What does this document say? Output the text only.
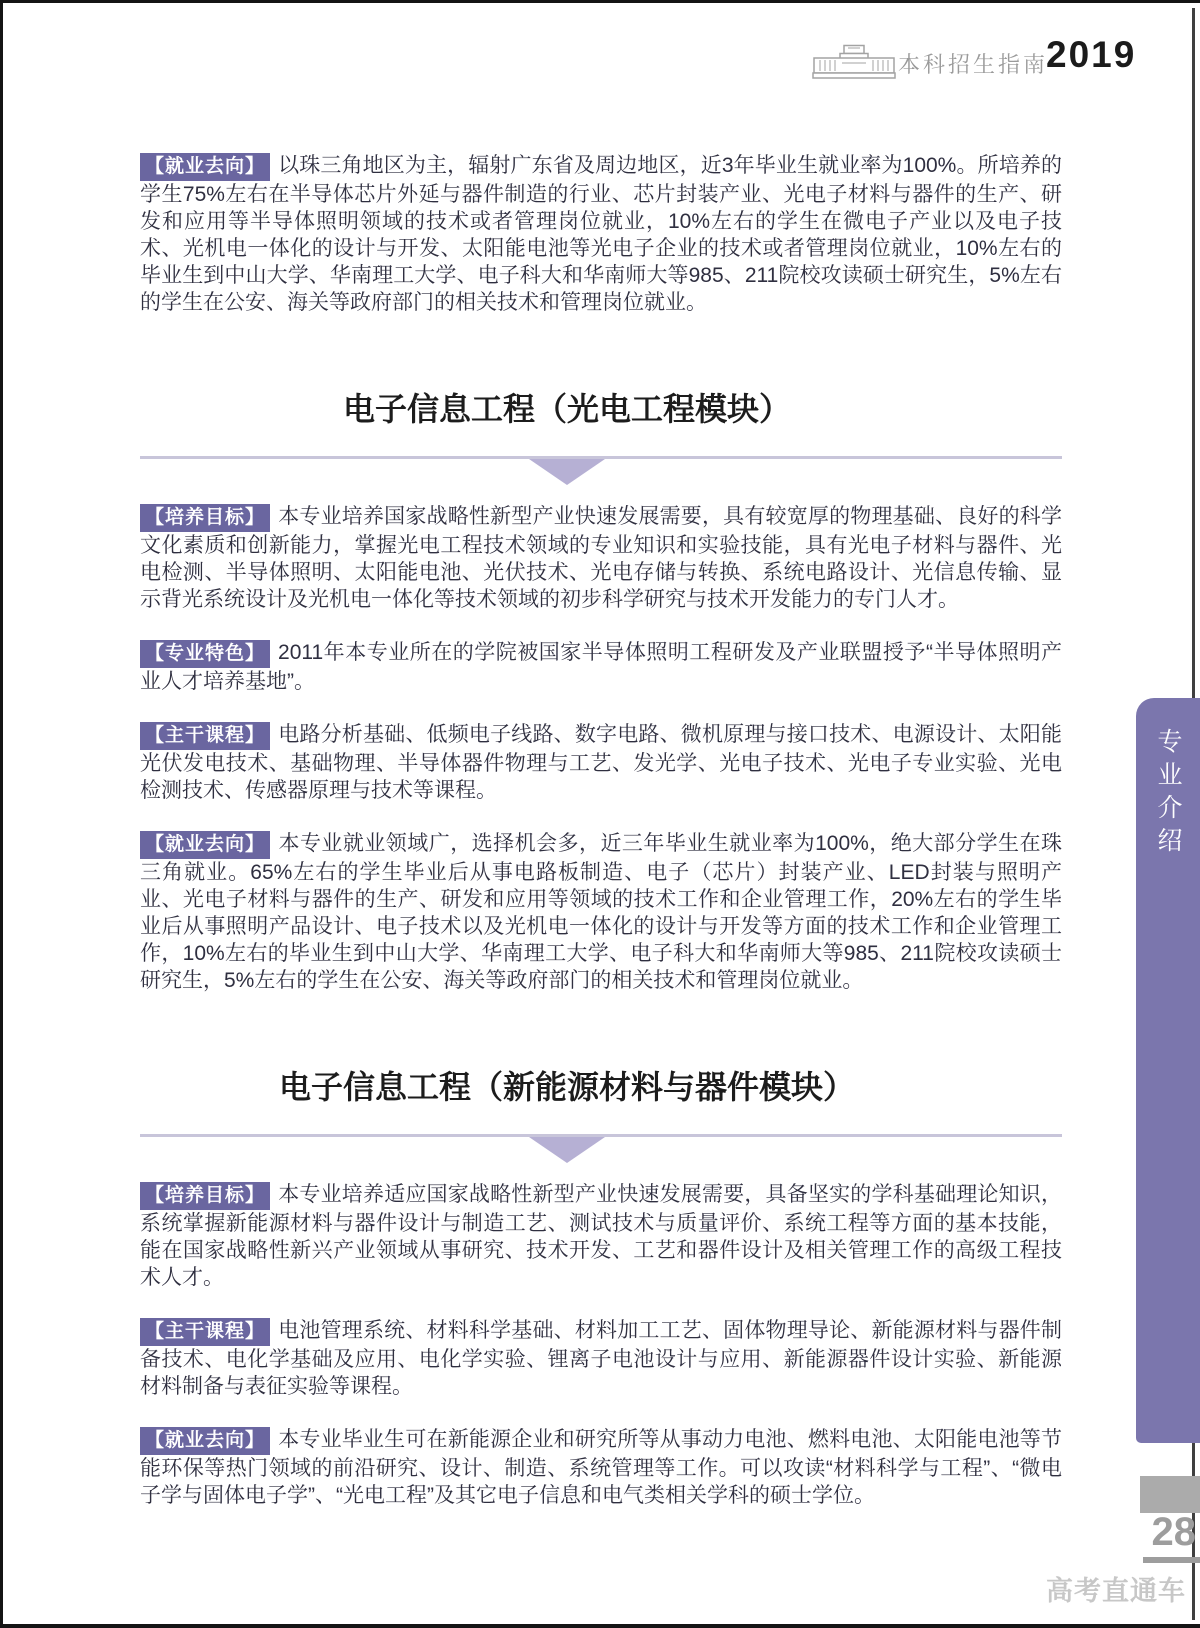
本科招生指南
2019

【就业去向】 以珠三角地区为主，辐射广东省及周边地区，近3年毕业生就业率为100%。所培养的学生75%左右在半导体芯片外延与器件制造的行业、芯片封装产业、光电子材料与器件的生产、研发和应用等半导体照明领域的技术或者管理岗位就业，10%左右的学生在微电子产业以及电子技术、光机电一体化的设计与开发、太阳能电池等光电子企业的技术或者管理岗位就业，10%左右的毕业生到中山大学、华南理工大学、电子科大和华南师大等985、211院校攻读硕士研究生，5%左右的学生在公安、海关等政府部门的相关技术和管理岗位就业。

电子信息工程（光电工程模块）

【培养目标】 本专业培养国家战略性新型产业快速发展需要，具有较宽厚的物理基础、良好的科学文化素质和创新能力，掌握光电工程技术领域的专业知识和实验技能，具有光电子材料与器件、光电检测、半导体照明、太阳能电池、光伏技术、光电存储与转换、系统电路设计、光信息传输、显示背光系统设计及光机电一体化等技术领域的初步科学研究与技术开发能力的专门人才。

【专业特色】 2011年本专业所在的学院被国家半导体照明工程研发及产业联盟授予“半导体照明产业人才培养基地”。

【主干课程】 电路分析基础、低频电子线路、数字电路、微机原理与接口技术、电源设计、太阳能光伏发电技术、基础物理、半导体器件物理与工艺、发光学、光电子技术、光电子专业实验、光电检测技术、传感器原理与技术等课程。

【就业去向】 本专业就业领域广，选择机会多，近三年毕业生就业率为100%，绝大部分学生在珠三角就业。65%左右的学生毕业后从事电路板制造、电子（芯片）封装产业、LED封装与照明产业、光电子材料与器件的生产、研发和应用等领域的技术工作和企业管理工作，20%左右的学生毕业后从事照明产品设计、电子技术以及光机电一体化的设计与开发等方面的技术工作和企业管理工作，10%左右的毕业生到中山大学、华南理工大学、电子科大和华南师大等985、211院校攻读硕士研究生，5%左右的学生在公安、海关等政府部门的相关技术和管理岗位就业。

电子信息工程（新能源材料与器件模块）

【培养目标】 本专业培养适应国家战略性新型产业快速发展需要，具备坚实的学科基础理论知识，系统掌握新能源材料与器件设计与制造工艺、测试技术与质量评价、系统工程等方面的基本技能，能在国家战略性新兴产业领域从事研究、技术开发、工艺和器件设计及相关管理工作的高级工程技术人才。

【主干课程】 电池管理系统、材料科学基础、材料加工工艺、固体物理导论、新能源材料与器件制备技术、电化学基础及应用、电化学实验、锂离子电池设计与应用、新能源器件设计实验、新能源材料制备与表征实验等课程。

【就业去向】 本专业毕业生可在新能源企业和研究所等从事动力电池、燃料电池、太阳能电池等节能环保等热门领域的前沿研究、设计、制造、系统管理等工作。可以攻读“材料科学与工程”、“微电子学与固体电子学”、“光电工程”及其它电子信息和电气类相关学科的硕士学位。

专业介绍
28
高考直通车
